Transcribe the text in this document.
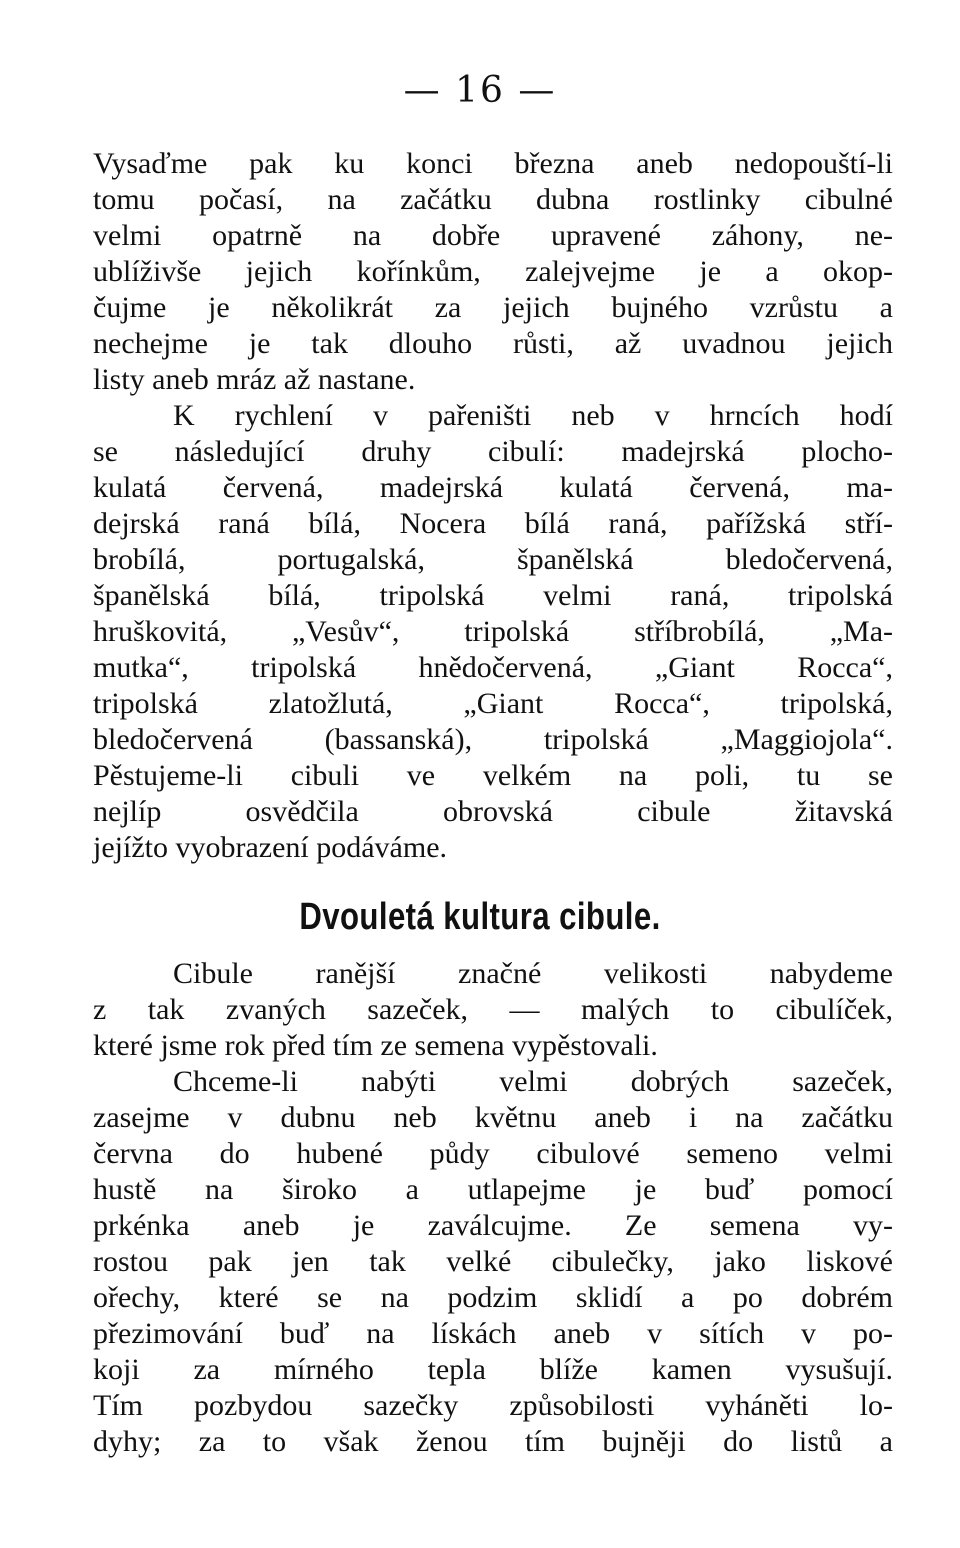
— 16 —
Vysaďme pak ku konci března aneb nedopouští-li
tomu počasí, na začátku dubna rostlinky cibulné
velmi opatrně na dobře upravené záhony, ne-
ublíživše jejich kořínkům, zalejvejme je a okop-
čujme je několikrát za jejich bujného vzrůstu a
nechejme je tak dlouho růsti, až uvadnou jejich
listy aneb mráz až nastane.
K rychlení v pařeništi neb v hrncích hodí
se následující druhy cibulí: madejrská plocho-
kulatá červená, madejrská kulatá červená, ma-
dejrská raná bílá, Nocera bílá raná, pařížská stří-
brobílá, portugalská, španělská bledočervená,
španělská bílá, tripolská velmi raná, tripolská
hruškovitá, „Vesův“, tripolská stříbrobílá, „Ma-
mutka“, tripolská hnědočervená, „Giant Rocca“,
tripolská zlatožlutá, „Giant Rocca“, tripolská,
bledočervená (bassanská), tripolská „Maggiojola“.
Pěstujeme-li cibuli ve velkém na poli, tu se
nejlíp osvědčila obrovská cibule žitavská
jejížto vyobrazení podáváme.
Dvouletá kultura cibule.
Cibule ranější značné velikosti nabydeme
z tak zvaných sazeček, — malých to cibulíček,
které jsme rok před tím ze semena vypěstovali.
Chceme-li nabýti velmi dobrých sazeček,
zasejme v dubnu neb květnu aneb i na začátku
června do hubené půdy cibulové semeno velmi
hustě na široko a utlapejme je buď pomocí
prkénka aneb je zaválcujme. Ze semena vy-
rostou pak jen tak velké cibulečky, jako liskové
ořechy, které se na podzim sklidí a po dobrém
přezimování buď na lískách aneb v sítích v po-
koji za mírného tepla blíže kamen vysušují.
Tím pozbydou sazečky způsobilosti vyháněti lo-
dyhy; za to však ženou tím bujněji do listů a
